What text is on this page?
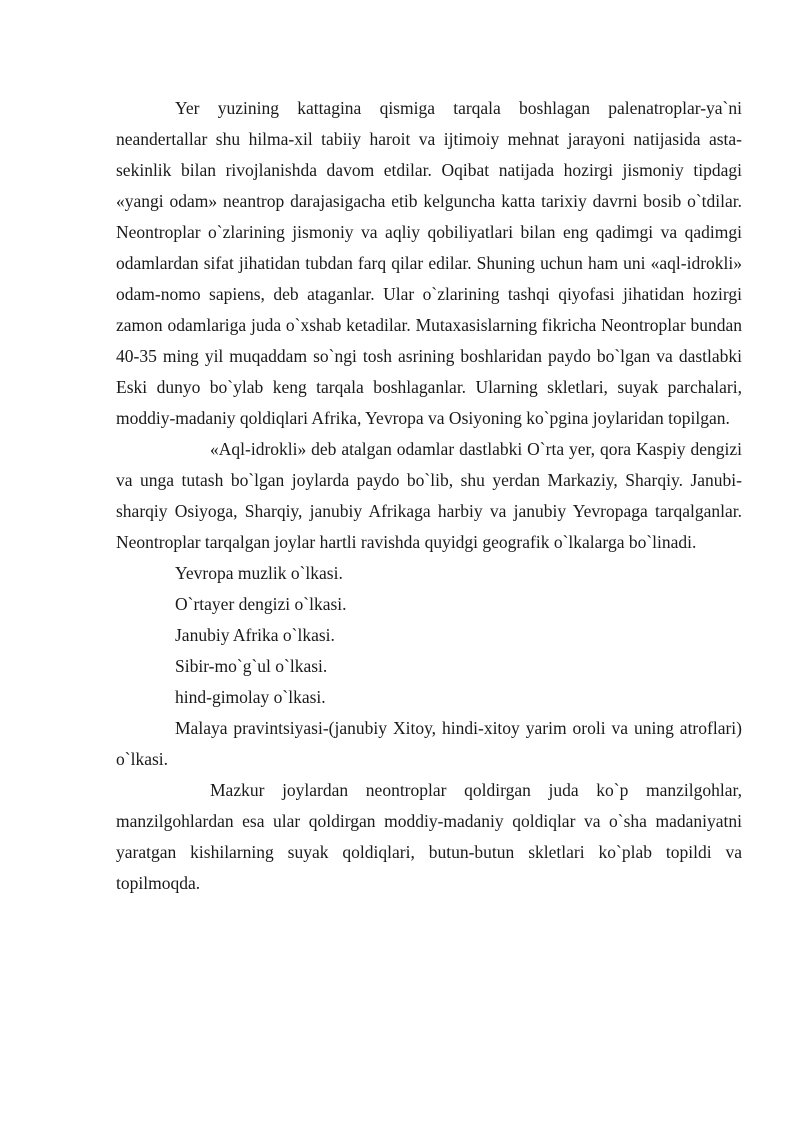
Yer yuzining kattagina qismiga tarqala boshlagan palenatroplar-ya`ni neandertallar shu hilma-xil tabiiy haroit va ijtimoiy mehnat jarayoni natijasida asta-sekinlik bilan rivojlanishda davom etdilar. Oqibat natijada hozirgi jismoniy tipdagi «yangi odam» neantrop darajasigacha etib kelguncha katta tarixiy davrni bosib o`tdilar. Neontroplar o`zlarining jismoniy va aqliy qobiliyatlari bilan eng qadimgi va qadimgi odamlardan sifat jihatidan tubdan farq qilar edilar. Shuning uchun ham uni «aql-idrokli» odam-nomo sapiens, deb ataganlar. Ular o`zlarining tashqi qiyofasi jihatidan hozirgi zamon odamlariga juda o`xshab ketadilar. Mutaxasislarning fikricha Neontroplar bundan 40-35 ming yil muqaddam so`ngi tosh asrining boshlaridan paydo bo`lgan va dastlabki Eski dunyo bo`ylab keng tarqala boshlaganlar. Ularning skletlari, suyak parchalari, moddiy-madaniy qoldiqlari Afrika, Yevropa va Osiyoning ko`pgina joylaridan topilgan.

«Aql-idrokli» deb atalgan odamlar dastlabki O`rta yer, qora Kaspiy dengizi va unga tutash bo`lgan joylarda paydo bo`lib, shu yerdan Markaziy, Sharqiy. Janubi-sharqiy Osiyoga, Sharqiy, janubiy Afrikaga harbiy va janubiy Yevropaga tarqalganlar. Neontroplar tarqalgan joylar hartli ravishda quyidgi geografik o`lkalarga bo`linadi.

Yevropa muzlik o`lkasi.

O`rtayer dengizi o`lkasi.

Janubiy Afrika o`lkasi.

Sibir-mo`g`ul o`lkasi.

hind-gimolay o`lkasi.

Malaya pravintsiyasi-(janubiy Xitoy, hindi-xitoy yarim oroli va uning atroflari) o`lkasi.

Mazkur joylardan neontroplar qoldirgan juda ko`p manzilgohlar, manzilgohlardan esa ular qoldirgan moddiy-madaniy qoldiqlar va o`sha madaniyatni yaratgan kishilarning suyak qoldiqlari, butun-butun skletlari ko`plab topildi va topilmoqda.
